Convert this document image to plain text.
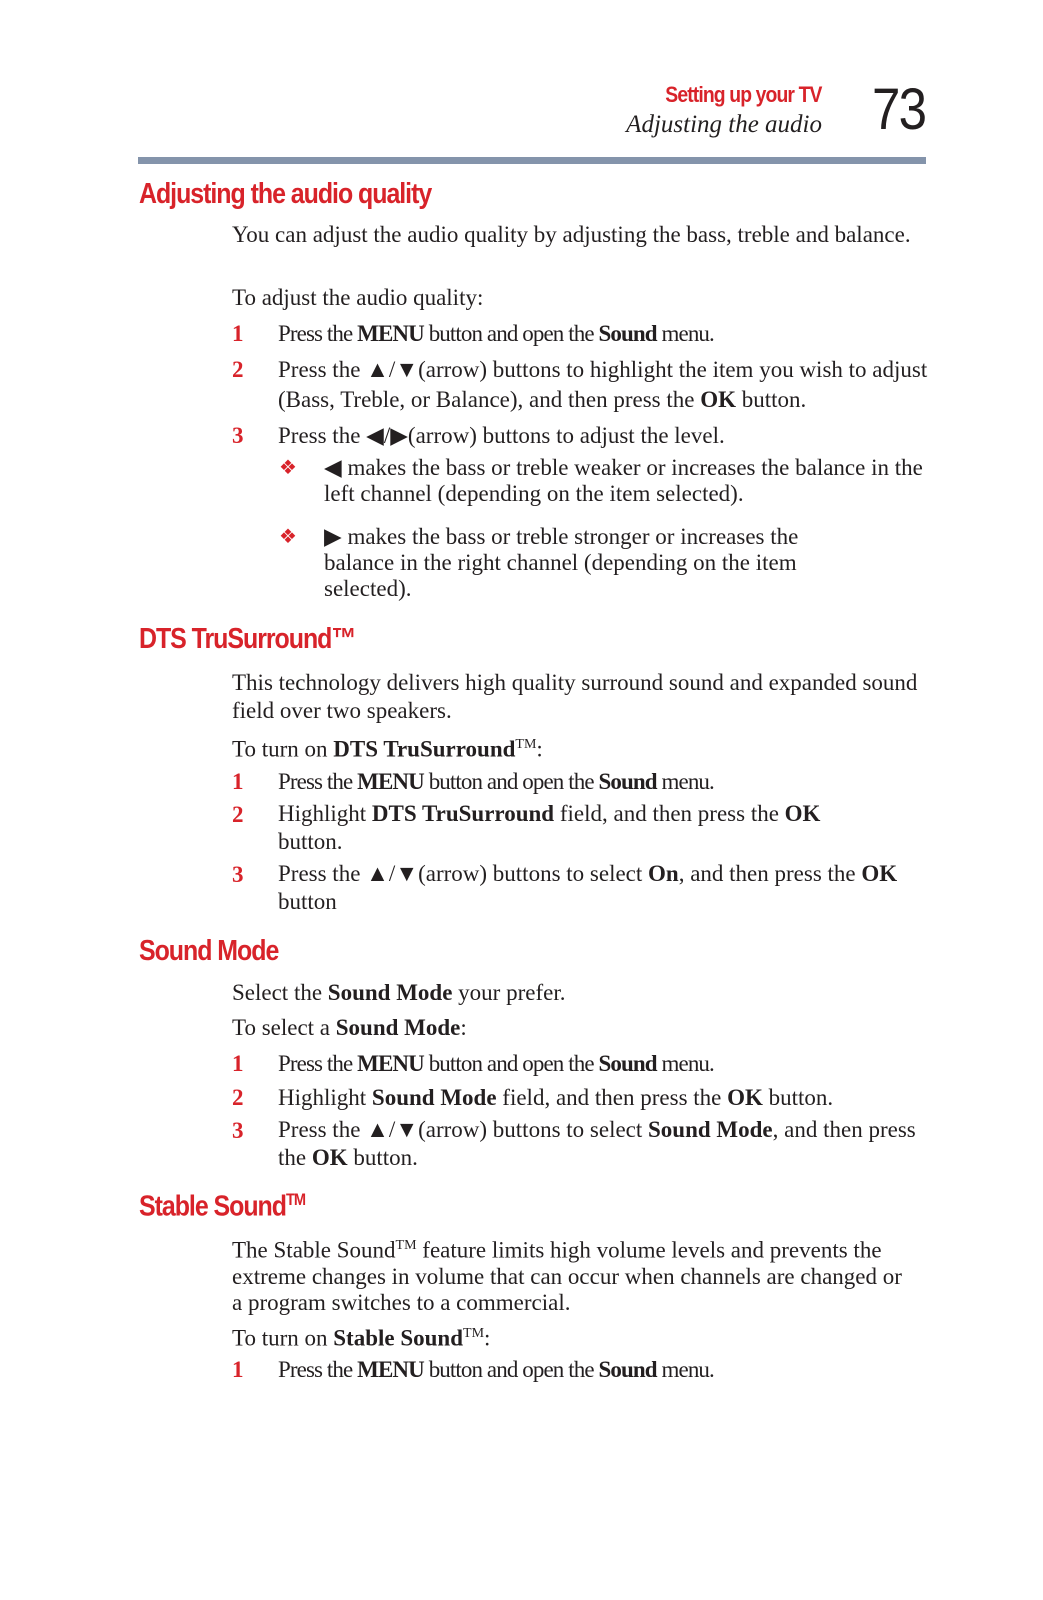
Setting up your TV
Adjusting the audio 73
Adjusting the audio quality

You can adjust the audio quality by adjusting the bass, treble and balance.

To adjust the audio quality:

1 Press the MENU button and open the Sound menu.
2 Press the ▲/▼(arrow) buttons to highlight the item you wish to adjust (Bass, Treble, or Balance), and then press the OK button.
3 Press the ◀/▶(arrow) buttons to adjust the level.
❖ ◀ makes the bass or treble weaker or increases the balance in the left channel (depending on the item selected).
❖ ▶ makes the bass or treble stronger or increases the balance in the right channel (depending on the item selected).
DTS TruSurround™

This technology delivers high quality surround sound and expanded sound field over two speakers.

To turn on DTS TruSurround™:

1 Press the MENU button and open the Sound menu.
2 Highlight DTS TruSurround field, and then press the OK button.
3 Press the ▲/▼(arrow) buttons to select On, and then press the OK button
Sound Mode

Select the Sound Mode your prefer.

To select a Sound Mode:

1 Press the MENU button and open the Sound menu.
2 Highlight Sound Mode field, and then press the OK button.
3 Press the ▲/▼(arrow) buttons to select Sound Mode, and then press the OK button.
Stable Sound™

The Stable Sound™ feature limits high volume levels and prevents the extreme changes in volume that can occur when channels are changed or a program switches to a commercial.

To turn on Stable Sound™:

1 Press the MENU button and open the Sound menu.
